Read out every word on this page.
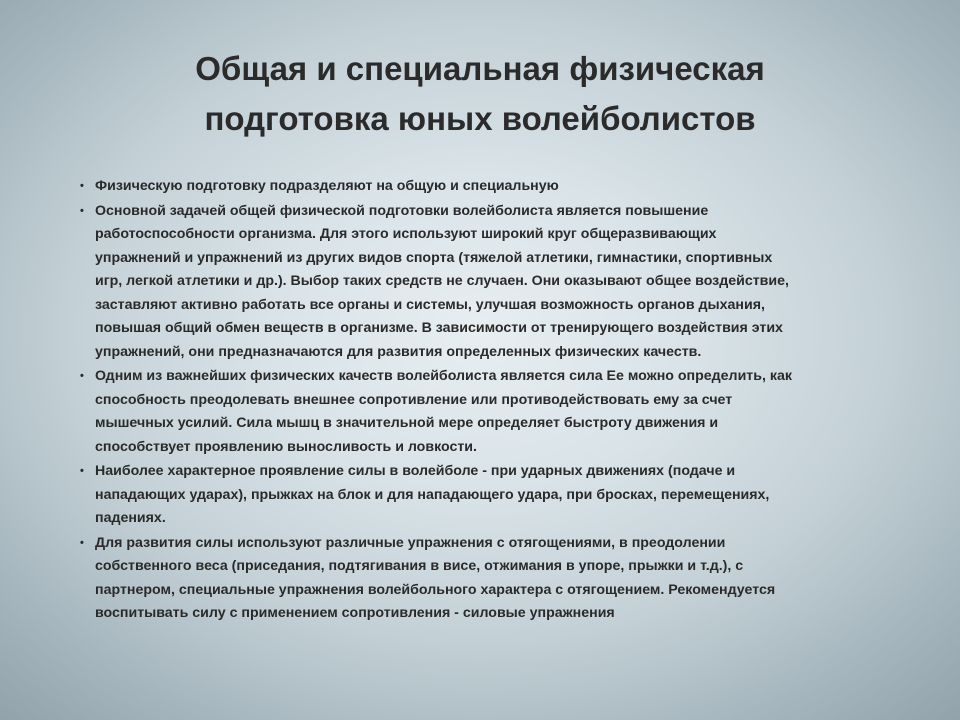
Общая и специальная физическая
подготовка юных волейболистов
• Физическую подготовку подразделяют на общую и специальную
• Основной задачей общей физической подготовки волейболиста является повышение
работоспособности организма. Для этого используют широкий круг общеразвивающих
упражнений и упражнений из других видов спорта (тяжелой атлетики, гимнастики, спортивных
игр, легкой атлетики и др.). Выбор таких средств не случаен. Они оказывают общее воздействие,
заставляют активно работать все органы и системы, улучшая возможность органов дыхания,
повышая общий обмен веществ в организме. В зависимости от тренирующего воздействия этих
упражнений, они предназначаются для развития определенных физических качеств.
• Одним из важнейших физических качеств волейболиста является сила Ее можно определить, как
способность преодолевать внешнее сопротивление или противодействовать ему за счет
мышечных усилий. Сила мышц в значительной мере определяет быстроту движения и
способствует проявлению выносливость и ловкости.
• Наиболее характерное проявление силы в волейболе - при ударных движениях (подаче и
нападающих ударах), прыжках на блок и для нападающего удара, при бросках, перемещениях,
падениях.
• Для развития силы используют различные упражнения с отягощениями, в преодолении
собственного веса (приседания, подтягивания в висе, отжимания в упоре, прыжки и т.д.), с
партнером, специальные упражнения волейбольного характера с отягощением. Рекомендуется
воспитывать силу с применением сопротивления - силовые упражнения
